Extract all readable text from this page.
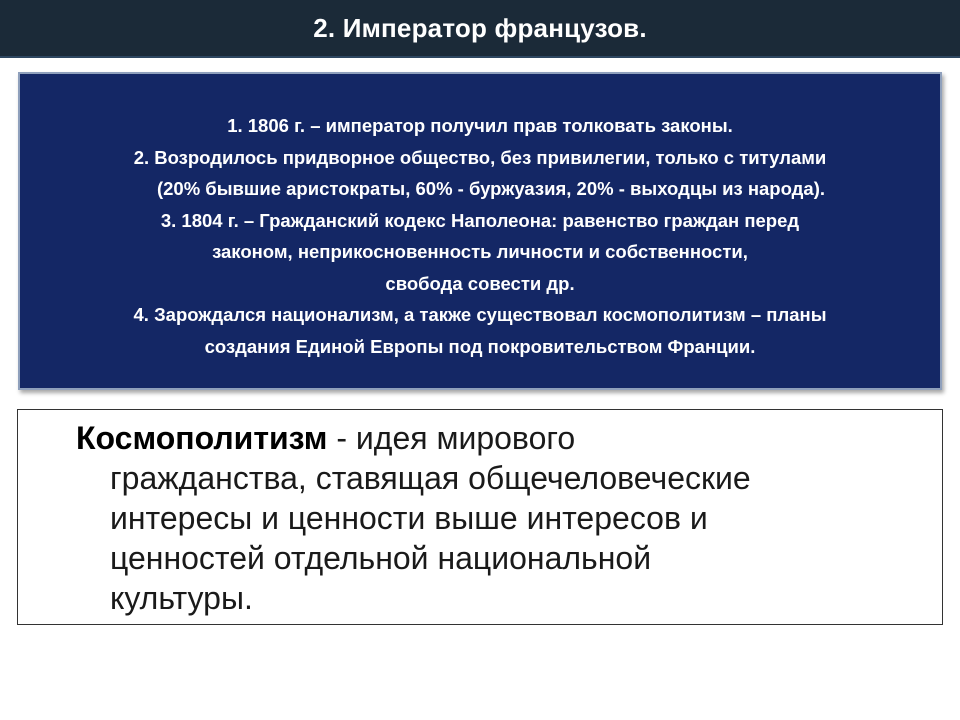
2. Император французов.
1. 1806 г. – император получил прав толковать законы.
2. Возродилось придворное общество, без привилегии, только с титулами
(20% бывшие аристократы, 60% - буржуазия, 20% - выходцы из народа).
3. 1804 г. – Гражданский кодекс Наполеона: равенство граждан перед
законом, неприкосновенность личности и собственности,
свобода совести др.
4. Зарождался национализм, а также существовал космополитизм – планы
создания Единой Европы под покровительством Франции.
Космополитизм - идея мирового
гражданства, ставящая общечеловеческие
интересы и ценности выше интересов и
ценностей отдельной национальной
культуры.
